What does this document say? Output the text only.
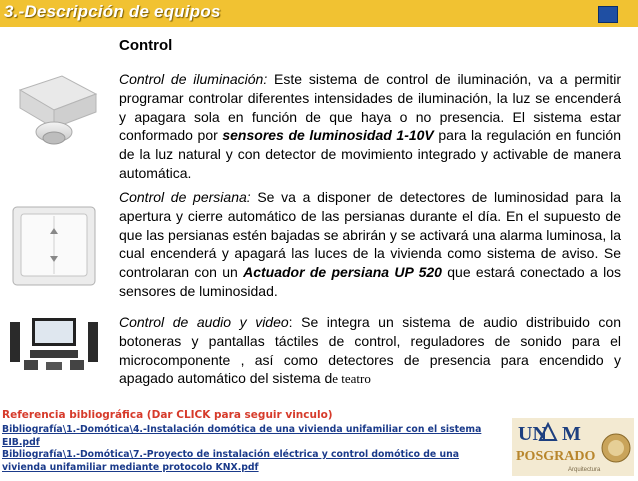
3.-Descripción de equipos
Control

Control de iluminación: Este sistema de control de iluminación, va a permitir programar controlar diferentes intensidades de iluminación, la luz se encenderá y apagara sola en función de que haya o no presencia. El sistema estar conformado por sensores de luminosidad 1-10V para la regulación en función de la luz natural y con detector de movimiento integrado y activable de manera automática.

Control de persiana: Se va a disponer de detectores de luminosidad para la apertura y cierre automático de las persianas durante el día. En el supuesto de que las persianas estén bajadas se abrirán y se activará una alarma luminosa, la cual encenderá y apagará las luces de la vivienda como sistema de aviso. Se controlaran con un Actuador de persiana UP 520 que estará conectado a los sensores de luminosidad.

Control de audio y video: Se integra un sistema de audio distribuido con botoneras y pantallas táctiles de control, reguladores de sonido para el microcomponente , así como detectores de presencia para encendido y apagado automático del sistema de teatro

Referencia bibliográfica (Dar CLICK para seguir vinculo)
Bibliografía\1.-Domótica\4.-Instalación domótica de una vivienda unifamiliar con el sistema EIB.pdf
Bibliografía\1.-Domótica\7.-Proyecto de instalación eléctrica y control domótico de una vivienda unifamiliar mediante protocolo KNX.pdf
UN M
POSGRADO
Arquitectura
